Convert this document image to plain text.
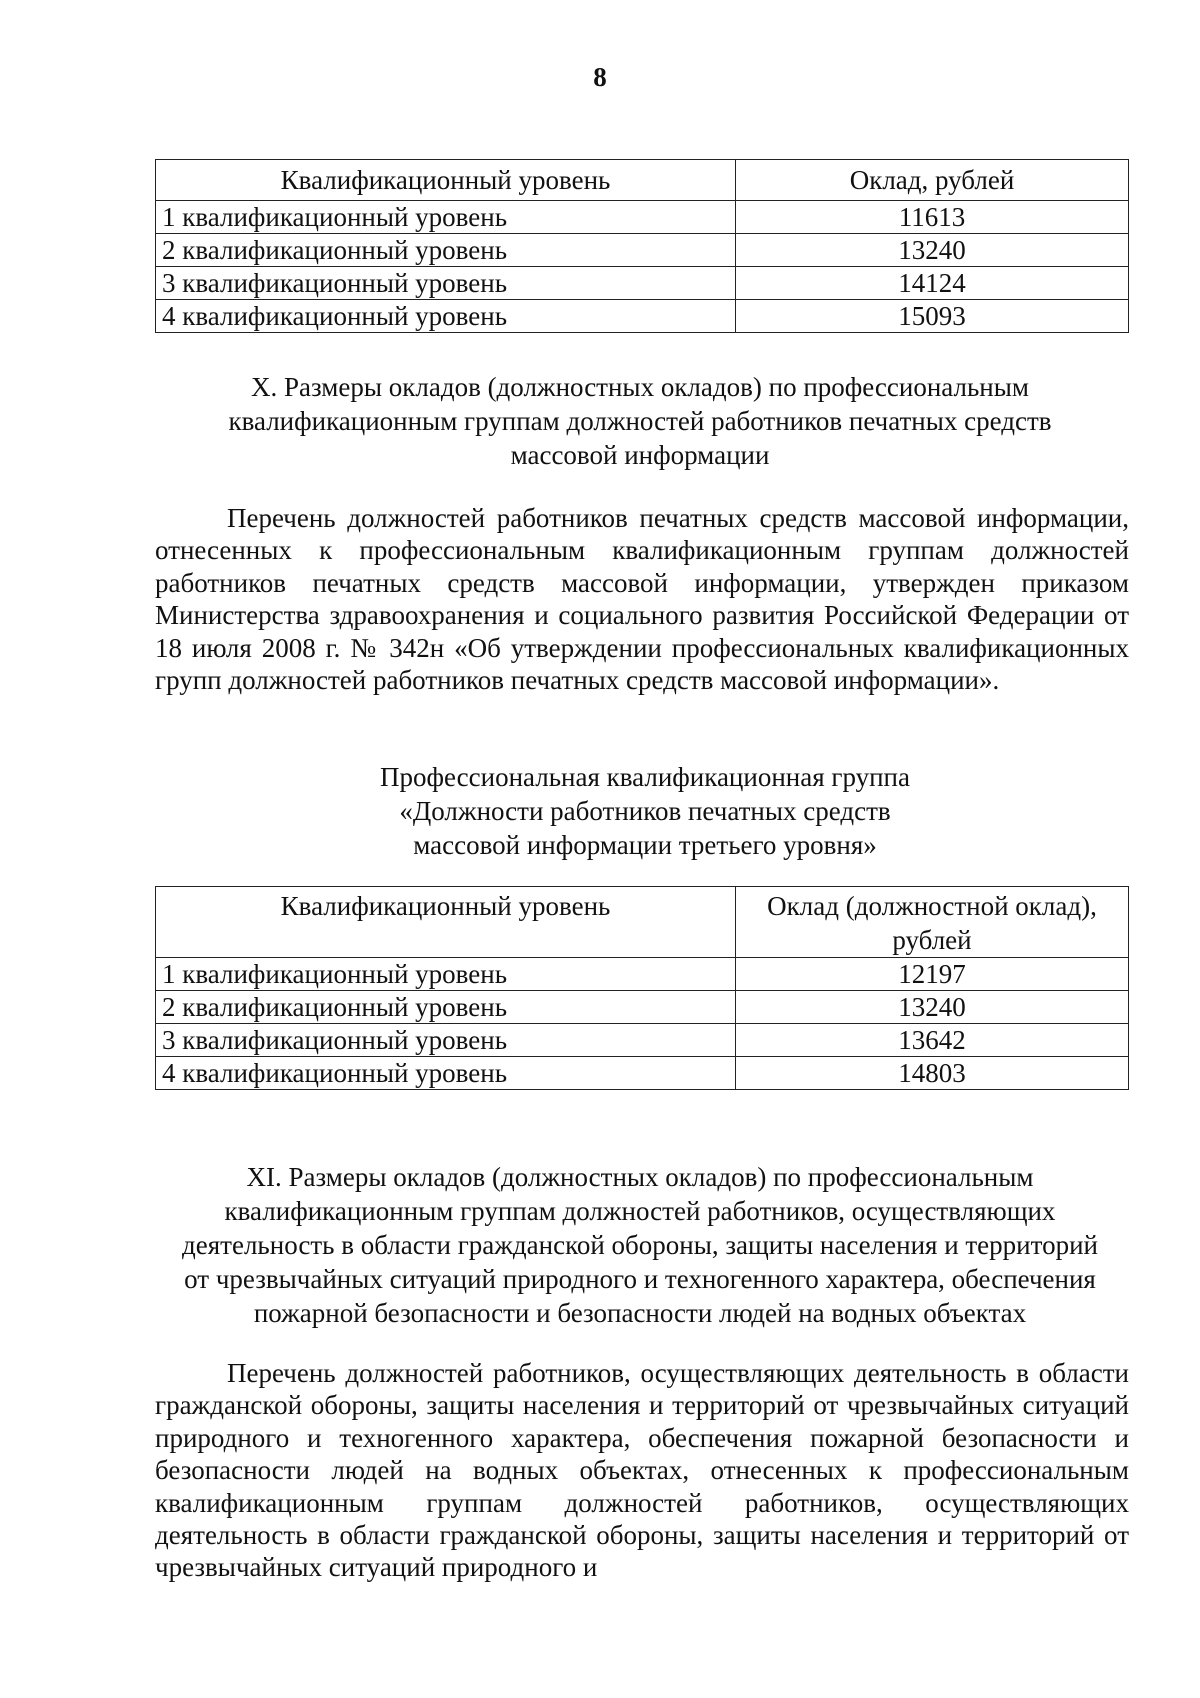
8
Квалификационный уровень	Оклад, рублей
1 квалификационный уровень	11613
2 квалификационный уровень	13240
3 квалификационный уровень	14124
4 квалификационный уровень	15093
X. Размеры окладов (должностных окладов) по профессиональным
квалификационным группам должностей работников печатных средств
массовой информации
Перечень должностей работников печатных средств массовой информации, отнесенных к профессиональным квалификационным группам должностей работников печатных средств массовой информации, утвержден приказом Министерства здравоохранения и социального развития Российской Федерации от 18 июля 2008 г. № 342н «Об утверждении профессиональных квалификационных групп должностей работников печатных средств массовой информации».
Профессиональная квалификационная группа
«Должности работников печатных средств
массовой информации третьего уровня»
Квалификационный уровень	Оклад (должностной оклад),
рублей
1 квалификационный уровень	12197
2 квалификационный уровень	13240
3 квалификационный уровень	13642
4 квалификационный уровень	14803
XI. Размеры окладов (должностных окладов) по профессиональным
квалификационным группам должностей работников, осуществляющих
деятельность в области гражданской обороны, защиты населения и территорий
от чрезвычайных ситуаций природного и техногенного характера, обеспечения
пожарной безопасности и безопасности людей на водных объектах
Перечень должностей работников, осуществляющих деятельность в области гражданской обороны, защиты населения и территорий от чрезвычайных ситуаций природного и техногенного характера, обеспечения пожарной безопасности и безопасности людей на водных объектах, отнесенных к профессиональным квалификационным группам должностей работников, осуществляющих деятельность в области гражданской обороны, защиты населения и территорий от чрезвычайных ситуаций природного и
